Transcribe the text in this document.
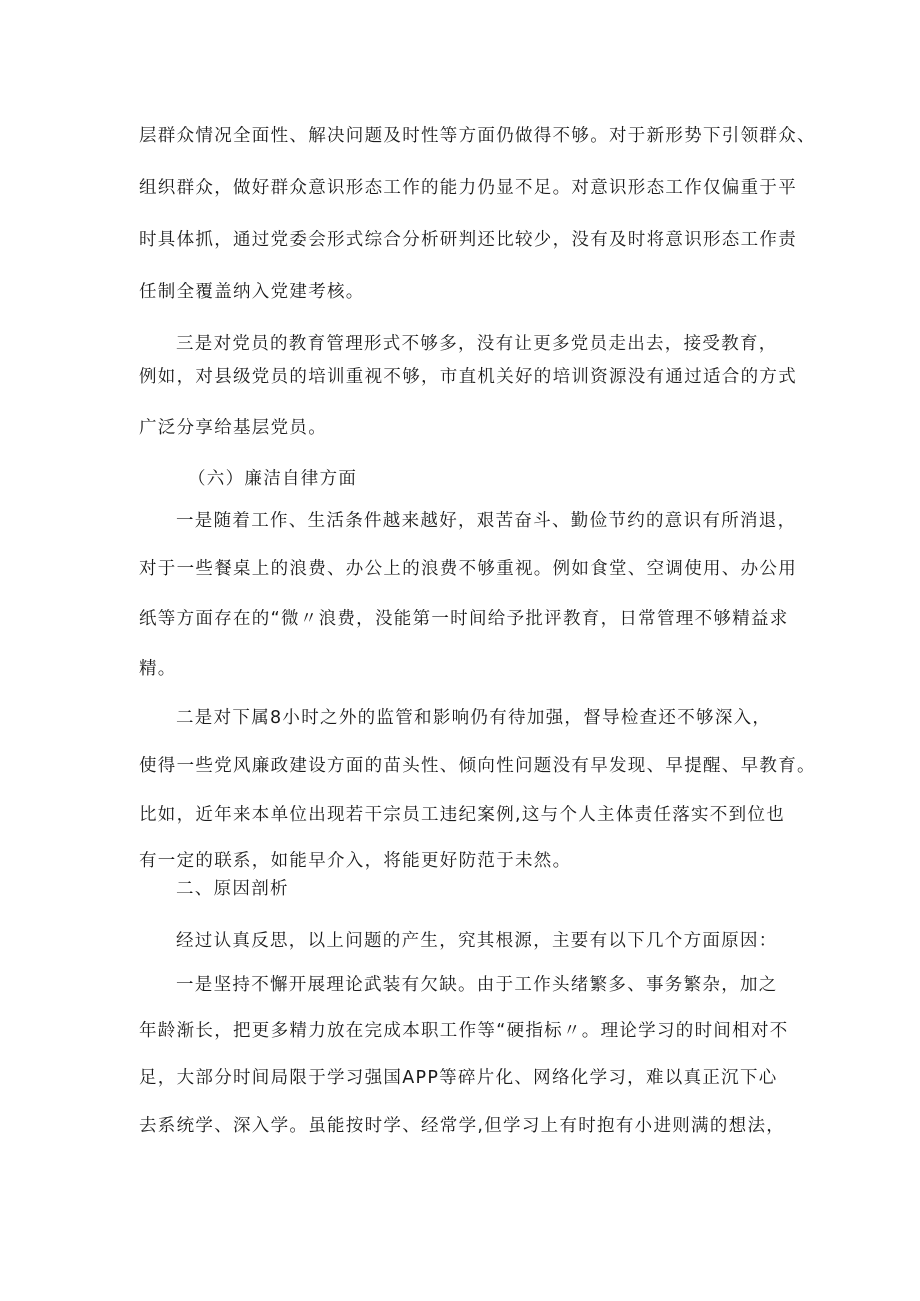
层群众情况全面性、解决问题及时性等方面仍做得不够。对于新形势下引领群众、
组织群众，做好群众意识形态工作的能力仍显不足。对意识形态工作仅偏重于平
时具体抓，通过党委会形式综合分析研判还比较少，没有及时将意识形态工作责
任制全覆盖纳入党建考核。
三是对党员的教育管理形式不够多，没有让更多党员走出去，接受教育，
例如，对县级党员的培训重视不够，市直机关好的培训资源没有通过适合的方式
广泛分享给基层党员。
（六）廉洁自律方面
一是随着工作、生活条件越来越好，艰苦奋斗、勤俭节约的意识有所消退，
对于一些餐桌上的浪费、办公上的浪费不够重视。例如食堂、空调使用、办公用
纸等方面存在的“微〃浪费，没能第一时间给予批评教育，日常管理不够精益求
精。
二是对下属8小时之外的监管和影响仍有待加强，督导检查还不够深入，
使得一些党风廉政建设方面的苗头性、倾向性问题没有早发现、早提醒、早教育。
比如，近年来本单位出现若干宗员工违纪案例,这与个人主体责任落实不到位也
有一定的联系，如能早介入，将能更好防范于未然。
二、原因剖析
经过认真反思，以上问题的产生，究其根源，主要有以下几个方面原因：
一是坚持不懈开展理论武装有欠缺。由于工作头绪繁多、事务繁杂，加之
年龄渐长，把更多精力放在完成本职工作等“硬指标〃。理论学习的时间相对不
足，大部分时间局限于学习强国APP等碎片化、网络化学习，难以真正沉下心
去系统学、深入学。虽能按时学、经常学,但学习上有时抱有小进则满的想法，
